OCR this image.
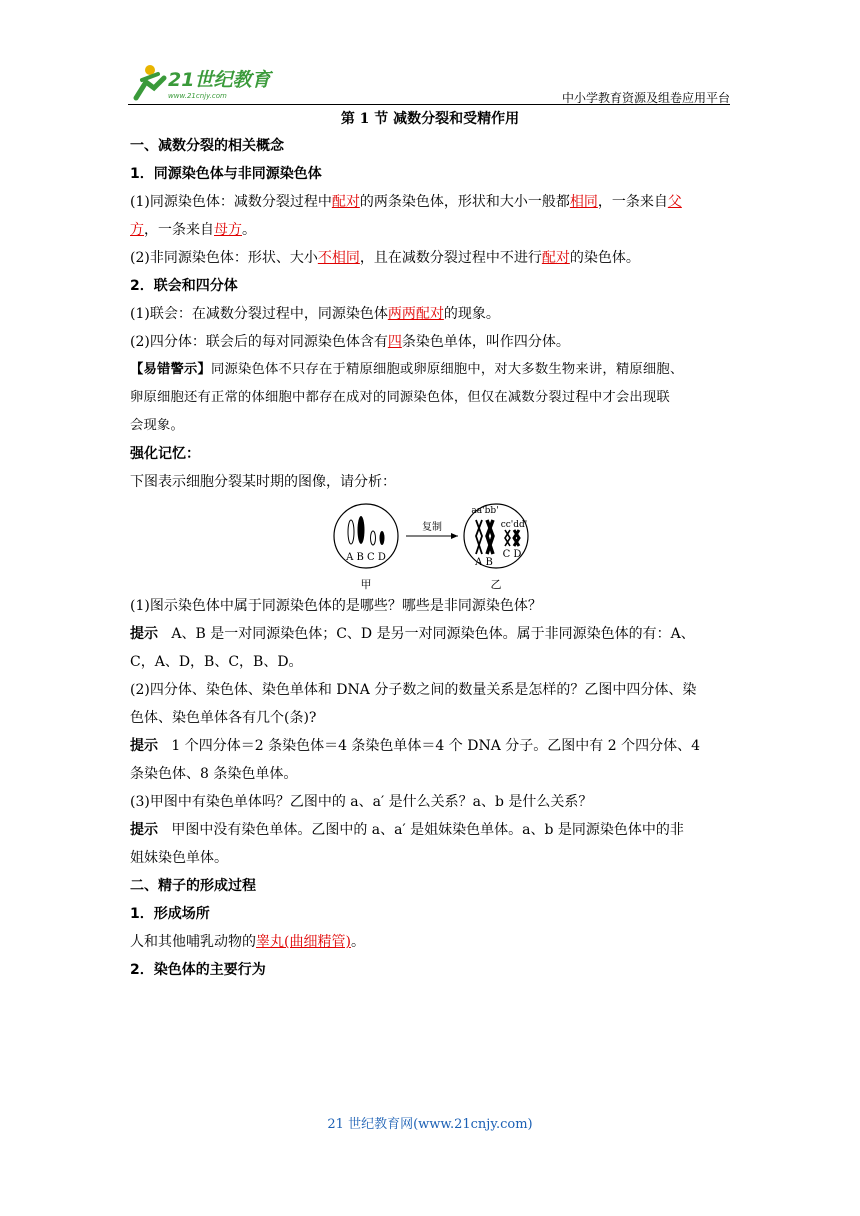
21世纪教育
www.21cnjy.com	中小学教育资源及组卷应用平台
第 1 节 减数分裂和受精作用
一、减数分裂的相关概念
1．同源染色体与非同源染色体
(1)同源染色体：减数分裂过程中配对的两条染色体，形状和大小一般都相同，一条来自父
方，一条来自母方。
(2)非同源染色体：形状、大小不相同，且在减数分裂过程中不进行配对的染色体。
2．联会和四分体
(1)联会：在减数分裂过程中，同源染色体两两配对的现象。
(2)四分体：联会后的每对同源染色体含有四条染色单体，叫作四分体。
【易错警示】同源染色体不只存在于精原细胞或卵原细胞中，对大多数生物来讲，精原细胞、
卵原细胞还有正常的体细胞中都存在成对的同源染色体，但仅在减数分裂过程中才会出现联
会现象。
强化记忆：
下图表示细胞分裂某时期的图像，请分析：
A B C D
甲
复制
aa'bb'
cc'dd'
A B
C D
乙
(1)图示染色体中属于同源染色体的是哪些？哪些是非同源染色体？
提示 A、B 是一对同源染色体；C、D 是另一对同源染色体。属于非同源染色体的有：A、
C，A、D，B、C，B、D。
(2)四分体、染色体、染色单体和 DNA 分子数之间的数量关系是怎样的？乙图中四分体、染
色体、染色单体各有几个(条)?
提示 1 个四分体＝2 条染色体＝4 条染色单体＝4 个 DNA 分子。乙图中有 2 个四分体、4
条染色体、8 条染色单体。
(3)甲图中有染色单体吗？乙图中的 a、a′ 是什么关系？a、b 是什么关系？
提示 甲图中没有染色单体。乙图中的 a、a′ 是姐妹染色单体。a、b 是同源染色体中的非
姐妹染色单体。
二、精子的形成过程
1．形成场所
人和其他哺乳动物的睾丸(曲细精管)。
2．染色体的主要行为
21 世纪教育网(www.21cnjy.com)
